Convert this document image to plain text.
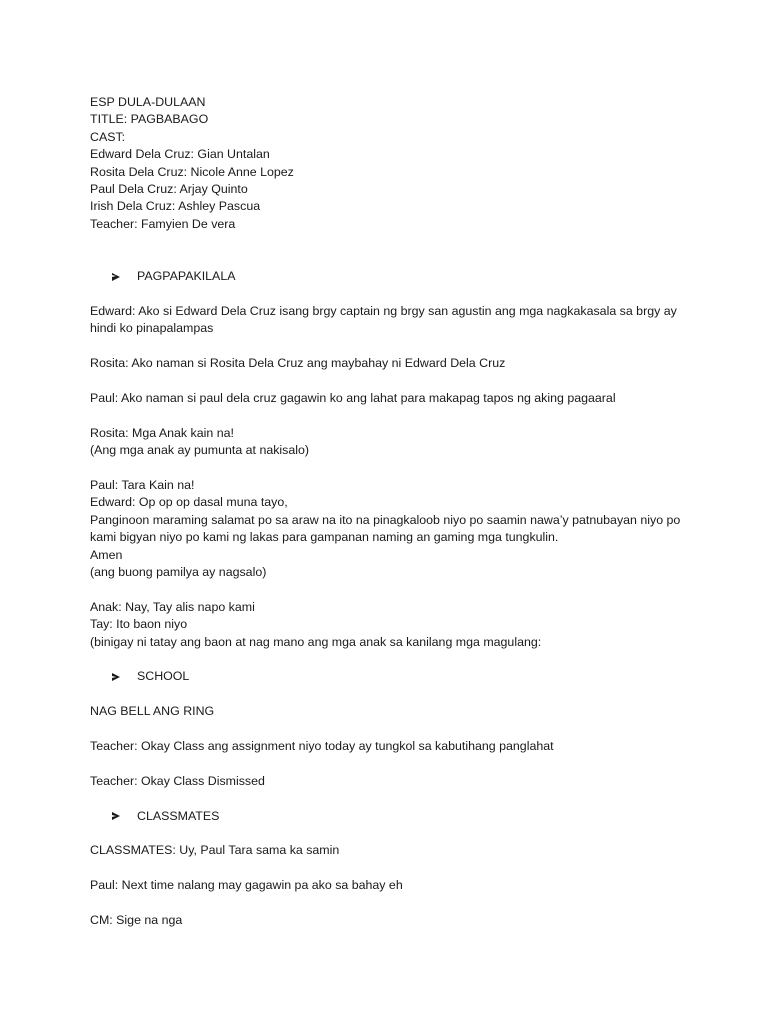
ESP DULA-DULAAN
TITLE: PAGBABAGO
CAST:
Edward Dela Cruz: Gian Untalan
Rosita Dela Cruz: Nicole Anne Lopez
Paul Dela Cruz: Arjay Quinto
Irish Dela Cruz: Ashley Pascua
Teacher: Famyien De vera
PAGPAPAKILALA
Edward: Ako si Edward Dela Cruz isang brgy captain ng brgy san agustin ang mga nagkakasala sa brgy ay hindi ko pinapalampas
Rosita: Ako naman si Rosita Dela Cruz ang maybahay ni Edward Dela Cruz
Paul: Ako naman si paul dela cruz gagawin ko ang lahat para makapag tapos ng aking pagaaral
Rosita: Mga Anak kain na!
(Ang mga anak ay pumunta at nakisalo)
Paul: Tara Kain na!
Edward: Op op op dasal muna tayo,
Panginoon maraming salamat po sa araw na ito na pinagkaloob niyo po saamin nawa’y patnubayan niyo po kami bigyan niyo po kami ng lakas para gampanan naming an gaming mga tungkulin.
Amen
(ang buong pamilya ay nagsalo)
Anak: Nay, Tay alis napo kami
Tay: Ito baon niyo
(binigay ni tatay ang baon at nag mano ang mga anak sa kanilang mga magulang:
SCHOOL
NAG BELL ANG RING
Teacher: Okay Class ang assignment niyo today ay tungkol sa kabutihang panglahat
Teacher: Okay Class Dismissed
CLASSMATES
CLASSMATES: Uy, Paul Tara sama ka samin
Paul: Next time nalang may gagawin pa ako sa bahay eh
CM: Sige na nga
